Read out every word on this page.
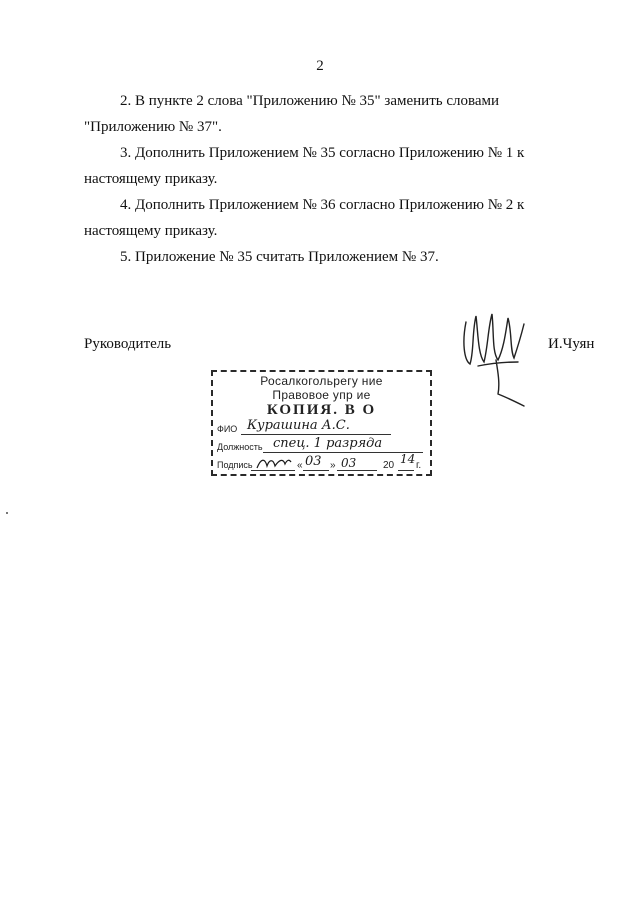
2
2. В пункте 2 слова "Приложению № 35" заменить словами
"Приложению № 37".
3. Дополнить Приложением № 35 согласно Приложению № 1 к
настоящему приказу.
4. Дополнить Приложением № 36 согласно Приложению № 2 к
настоящему приказу.
5. Приложение № 35 считать Приложением № 37.
Руководитель	И.Чуян
Росалкогольрегу ние
Правовое упр ие
КОПИЯ. В О
ФИО Курашина А.С.
Должность спец. 1 разряда
Подпись	« 03 » 03	20 14 г.
